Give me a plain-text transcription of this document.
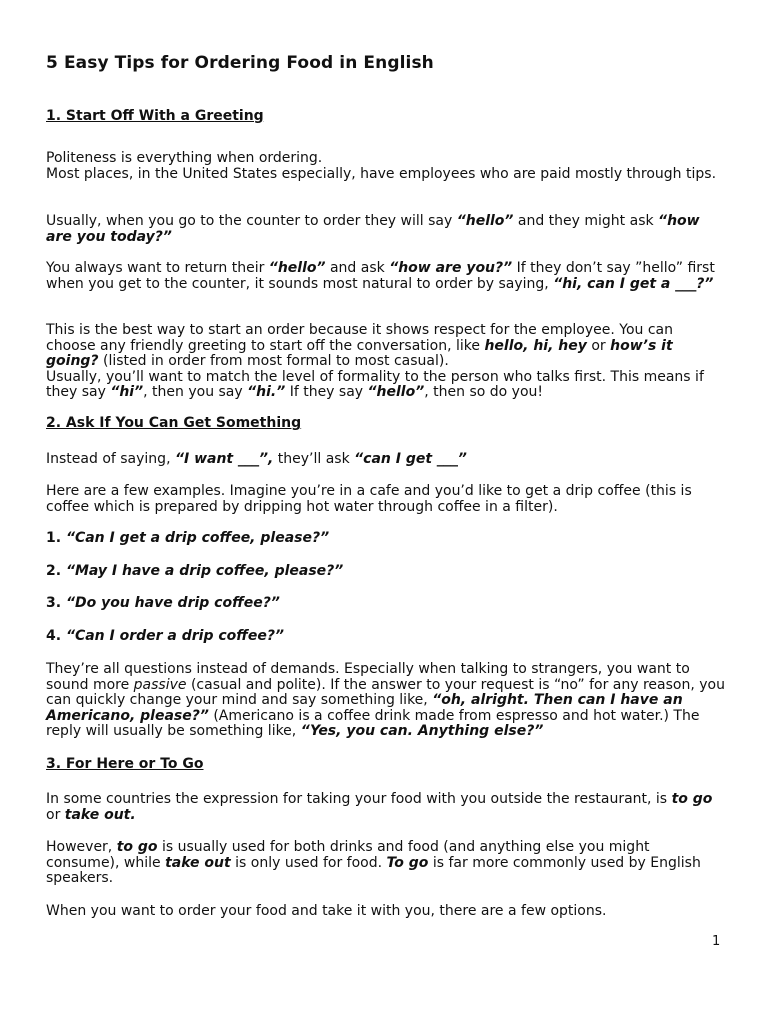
5 Easy Tips for Ordering Food in English
1. Start Off With a Greeting

Politeness is everything when ordering.
Most places, in the United States especially, have employees who are paid mostly through tips.

Usually, when you go to the counter to order they will say “hello” and they might ask “how are you today?”

You always want to return their “hello” and ask “how are you?” If they don’t say ”hello” first when you get to the counter, it sounds most natural to order by saying, “hi, can I get a ___?”

This is the best way to start an order because it shows respect for the employee. You can choose any friendly greeting to start off the conversation, like hello, hi, hey or how’s it going? (listed in order from most formal to most casual).
Usually, you’ll want to match the level of formality to the person who talks first. This means if they say “hi”, then you say “hi.” If they say “hello”, then so do you!

2. Ask If You Can Get Something

Instead of saying, “I want ___”, they’ll ask “can I get ___”

Here are a few examples. Imagine you’re in a cafe and you’d like to get a drip coffee (this is coffee which is prepared by dripping hot water through coffee in a filter).

1. “Can I get a drip coffee, please?”

2. “May I have a drip coffee, please?”

3. “Do you have drip coffee?”

4. “Can I order a drip coffee?”

They’re all questions instead of demands. Especially when talking to strangers, you want to sound more passive (casual and polite). If the answer to your request is “no” for any reason, you can quickly change your mind and say something like, “oh, alright. Then can I have an Americano, please?” (Americano is a coffee drink made from espresso and hot water.) The reply will usually be something like, “Yes, you can. Anything else?”

3. For Here or To Go

In some countries the expression for taking your food with you outside the restaurant, is to go or take out.

However, to go is usually used for both drinks and food (and anything else you might consume), while take out is only used for food. To go is far more commonly used by English speakers.

When you want to order your food and take it with you, there are a few options.

1
